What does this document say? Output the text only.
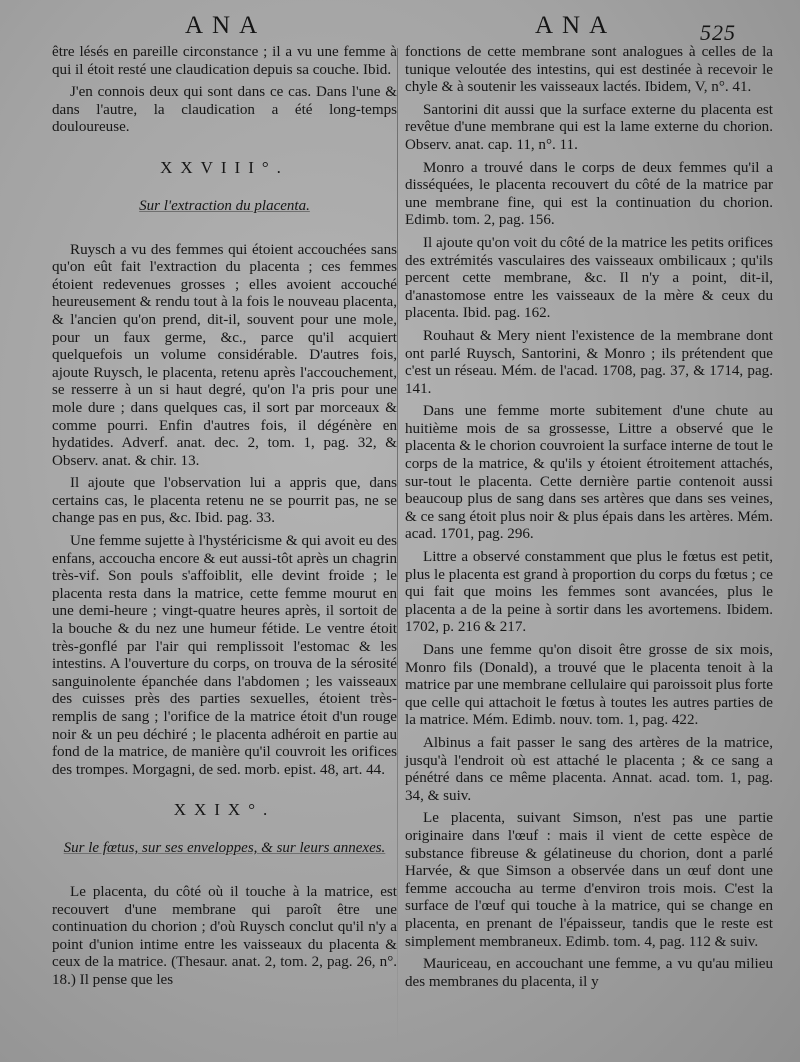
ANA	ANA	525

être lésés en pareille circonstance ; il a vu une femme à qui il étoit resté une claudication depuis sa couche. Ibid.

J'en connois deux qui sont dans ce cas. Dans l'une & dans l'autre, la claudication a été long-temps douloureuse.

XXVIII°.
Sur l'extraction du placenta.

Ruysch a vu des femmes qui étoient accouchées sans qu'on eût fait l'extraction du placenta ; ces femmes étoient redevenues grosses ; elles avoient accouché heureusement & rendu tout à la fois le nouveau placenta, & l'ancien qu'on prend, dit-il, souvent pour une mole, pour un faux germe, &c., parce qu'il acquiert quelquefois un volume considérable. D'autres fois, ajoute Ruysch, le placenta, retenu après l'accouchement, se resserre à un si haut degré, qu'on l'a pris pour une mole dure ; dans quelques cas, il sort par morceaux & comme pourri. Enfin d'autres fois, il dégénère en hydatides. Adverf. anat. dec. 2, tom. 1, pag. 32, & Observ. anat. & chir. 13.

Il ajoute que l'observation lui a appris que, dans certains cas, le placenta retenu ne se pourrit pas, ne se change pas en pus, &c. Ibid. pag. 33.

Une femme sujette à l'hystéricisme & qui avoit eu des enfans, accoucha encore & eut aussi-tôt après un chagrin très-vif. Son pouls s'affoiblit, elle devint froide ; le placenta resta dans la matrice, cette femme mourut en une demi-heure ; vingt-quatre heures après, il sortoit de la bouche & du nez une humeur fétide. Le ventre étoit très-gonflé par l'air qui remplissoit l'estomac & les intestins. A l'ouverture du corps, on trouva de la sérosité sanguinolente épanchée dans l'abdomen ; les vaisseaux des cuisses près des parties sexuelles, étoient très-remplis de sang ; l'orifice de la matrice étoit d'un rouge noir & un peu déchiré ; le placenta adhéroit en partie au fond de la matrice, de manière qu'il couvroit les orifices des trompes. Morgagni, de sed. morb. epist. 48, art. 44.

XXIX°.
Sur le fœtus, sur ses enveloppes, & sur leurs annexes.

Le placenta, du côté où il touche à la matrice, est recouvert d'une membrane qui paroît être une continuation du chorion ; d'où Ruysch conclut qu'il n'y a point d'union intime entre les vaisseaux du placenta & ceux de la matrice. (Thesaur. anat. 2, tom. 2, pag. 26, n°. 18.) Il pense que les

fonctions de cette membrane sont analogues à celles de la tunique veloutée des intestins, qui est destinée à recevoir le chyle & à soutenir les vaisseaux lactés. Ibidem, V, n°. 41.

Santorini dit aussi que la surface externe du placenta est revêtue d'une membrane qui est la lame externe du chorion. Observ. anat. cap. 11, n°. 11.

Monro a trouvé dans le corps de deux femmes qu'il a disséquées, le placenta recouvert du côté de la matrice par une membrane fine, qui est la continuation du chorion. Edimb. tom. 2, pag. 156.

Il ajoute qu'on voit du côté de la matrice les petits orifices des extrémités vasculaires des vaisseaux ombilicaux ; qu'ils percent cette membrane, &c. Il n'y a point, dit-il, d'anastomose entre les vaisseaux de la mère & ceux du placenta. Ibid. pag. 162.

Rouhaut & Mery nient l'existence de la membrane dont ont parlé Ruysch, Santorini, & Monro ; ils prétendent que c'est un réseau. Mém. de l'acad. 1708, pag. 37, & 1714, pag. 141.

Dans une femme morte subitement d'une chute au huitième mois de sa grossesse, Littre a observé que le placenta & le chorion couvroient la surface interne de tout le corps de la matrice, & qu'ils y étoient étroitement attachés, sur-tout le placenta. Cette dernière partie contenoit aussi beaucoup plus de sang dans ses artères que dans ses veines, & ce sang étoit plus noir & plus épais dans les artères. Mém. acad. 1701, pag. 296.

Littre a observé constamment que plus le fœtus est petit, plus le placenta est grand à proportion du corps du fœtus ; ce qui fait que moins les femmes sont avancées, plus le placenta a de la peine à sortir dans les avortemens. Ibidem. 1702, p. 216 & 217.

Dans une femme qu'on disoit être grosse de six mois, Monro fils (Donald), a trouvé que le placenta tenoit à la matrice par une membrane cellulaire qui paroissoit plus forte que celle qui attachoit le fœtus à toutes les autres parties de la matrice. Mém. Edimb. nouv. tom. 1, pag. 422.

Albinus a fait passer le sang des artères de la matrice, jusqu'à l'endroit où est attaché le placenta ; & ce sang a pénétré dans ce même placenta. Annat. acad. tom. 1, pag. 34, & suiv.

Le placenta, suivant Simson, n'est pas une partie originaire dans l'œuf : mais il vient de cette espèce de substance fibreuse & gélatineuse du chorion, dont a parlé Harvée, & que Simson a observée dans un œuf dont une femme accoucha au terme d'environ trois mois. C'est la surface de l'œuf qui touche à la matrice, qui se change en placenta, en prenant de l'épaisseur, tandis que le reste est simplement membraneux. Edimb. tom. 4, pag. 112 & suiv.

Mauriceau, en accouchant une femme, a vu qu'au milieu des membranes du placenta, il y
